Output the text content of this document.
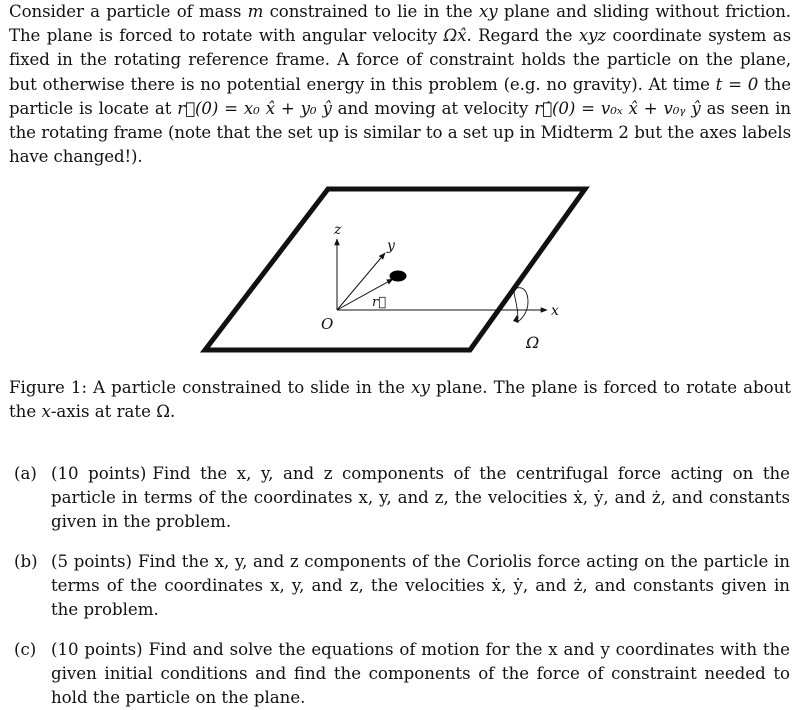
Consider a particle of mass m constrained to lie in the xy plane and sliding without friction. The plane is forced to rotate with angular velocity Ωx̂. Regard the xyz coordinate system as fixed in the rotating reference frame. A force of constraint holds the particle on the plane, but otherwise there is no potential energy in this problem (e.g. no gravity). At time t = 0 the particle is locate at r⃗(0) = x₀ x̂ + y₀ ŷ and moving at velocity r⃗̇(0) = v₀ₓ x̂ + v₀ᵧ ŷ as seen in the rotating frame (note that the set up is similar to a set up in Midterm 2 but the axes labels have changed!).

z
y
r⃗
O
x
Ω

Figure 1: A particle constrained to slide in the xy plane. The plane is forced to rotate about the x-axis at rate Ω.

(a) (10 points) Find the x, y, and z components of the centrifugal force acting on the particle in terms of the coordinates x, y, and z, the velocities ẋ, ẏ, and ż, and constants given in the problem.
(b) (5 points) Find the x, y, and z components of the Coriolis force acting on the particle in terms of the coordinates x, y, and z, the velocities ẋ, ẏ, and ż, and constants given in the problem.
(c) (10 points) Find and solve the equations of motion for the x and y coordinates with the given initial conditions and find the components of the force of constraint needed to hold the particle on the plane.
